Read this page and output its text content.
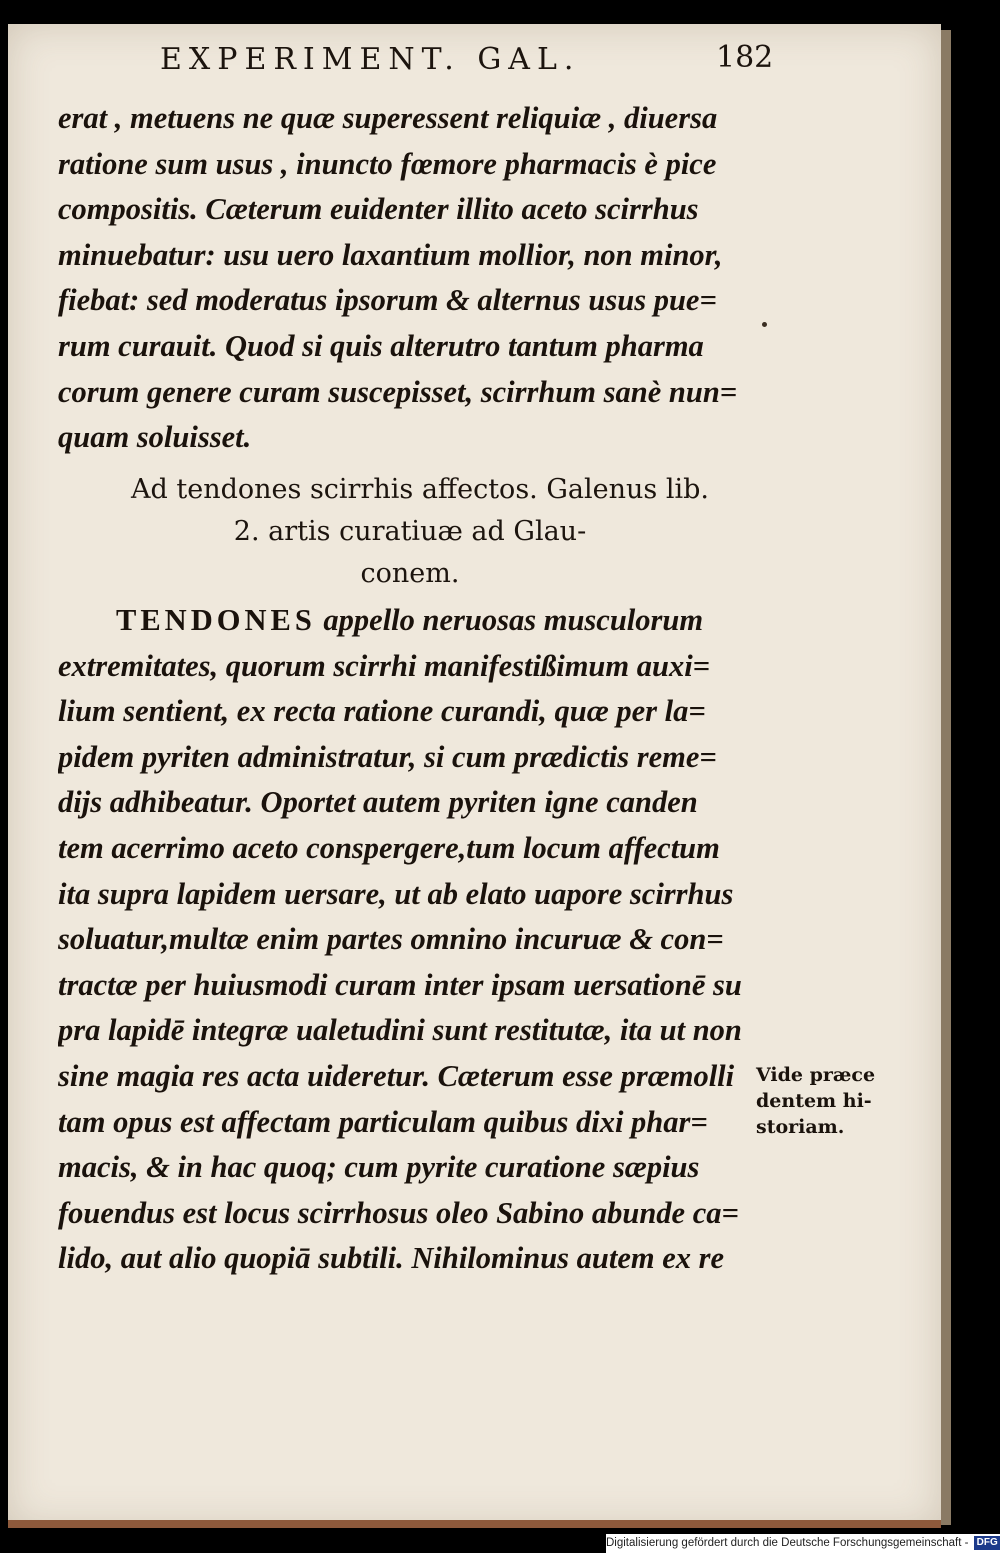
EXPERIMENT. GAL.	182
erat , metuens ne quæ superessent reliquiæ , diuersa
ratione sum usus , inuncto fœmore pharmacis è pice
compositis. Cæterum euidenter illito aceto scirrhus
minuebatur: usu uero laxantium mollior, non minor,
fiebat: sed moderatus ipsorum & alternus usus pue=
rum curauit. Quod si quis alterutro tantum pharma
corum genere curam suscepisset, scirrhum sanè nun=
quam soluisset.
Ad tendones scirrhis affectos. Galenus lib.
2. artis curatiuæ ad Glau-
conem.
TENDONES appello neruosas musculorum
extremitates, quorum scirrhi manifestißimum auxi=
lium sentient, ex recta ratione curandi, quæ per la=
pidem pyriten administratur, si cum prædictis reme=
dijs adhibeatur. Oportet autem pyriten igne canden
tem acerrimo aceto conspergere,tum locum affectum
ita supra lapidem uersare, ut ab elato uapore scirrhus
soluatur,multæ enim partes omnino incuruæ & con=
tractæ per huiusmodi curam inter ipsam uersationē su
pra lapidē integræ ualetudini sunt restitutæ, ita ut non
sine magia res acta uideretur. Cæterum esse præmolli
tam opus est affectam particulam quibus dixi phar=
macis, & in hac quoq; cum pyrite curatione sæpius
fouendus est locus scirrhosus oleo Sabino abunde ca=
lido, aut alio quopiā subtili. Nihilominus autem ex re
Vide præce
dentem hi-
storiam.
Digitalisierung gefördert durch die Deutsche Forschungsgemeinschaft - DFG
